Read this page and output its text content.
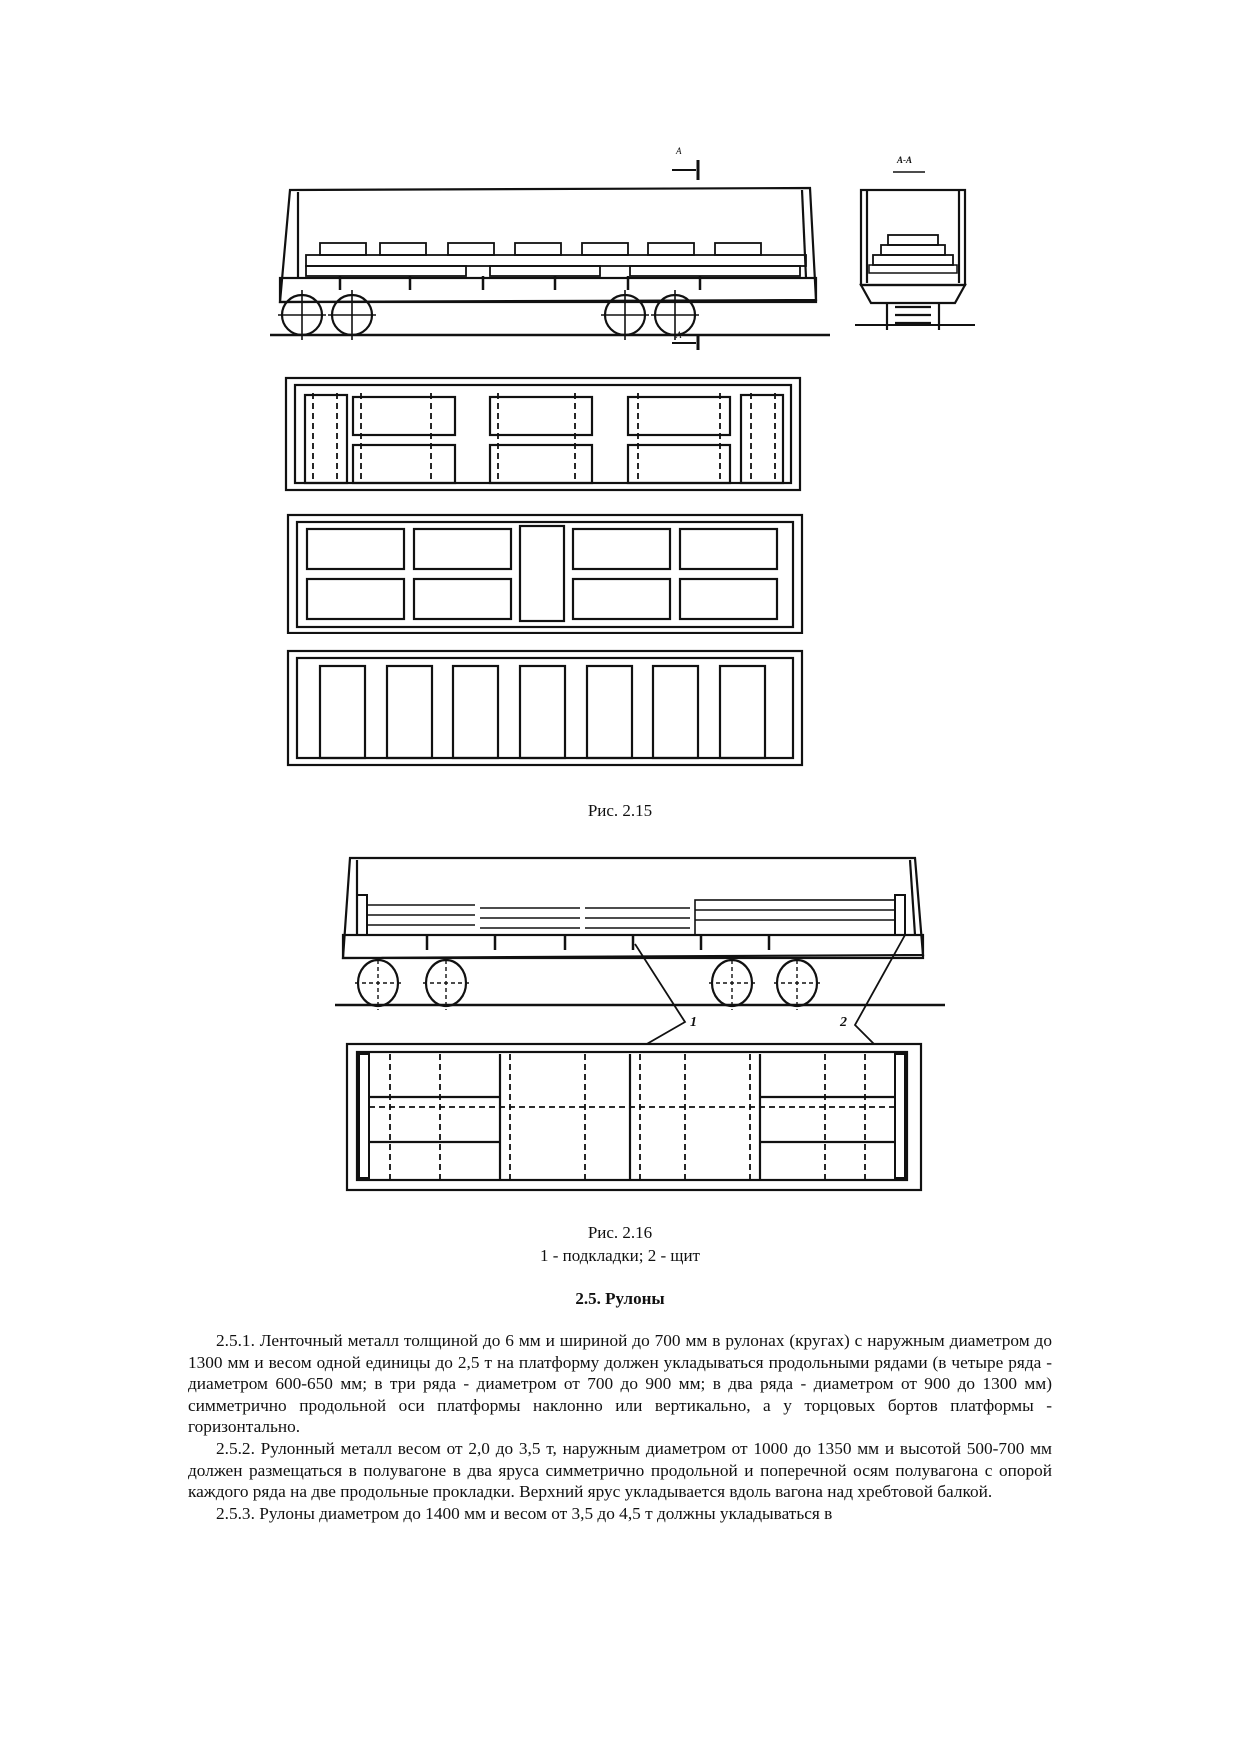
А
А
А-А
Рис. 2.15
1	2
Рис. 2.16
1 - подкладки; 2 - щит
2.5. Рулоны

2.5.1. Ленточный металл толщиной до 6 мм и шириной до 700 мм в рулонах (кругах) с наружным диаметром до 1300 мм и весом одной единицы до 2,5 т на платформу должен укладываться продольными рядами (в четыре ряда - диаметром 600-650 мм; в три ряда - диаметром от 700 до 900 мм; в два ряда - диаметром от 900 до 1300 мм) симметрично продольной оси платформы наклонно или вертикально, а у торцовых бортов платформы - горизонтально.

2.5.2. Рулонный металл весом от 2,0 до 3,5 т, наружным диаметром от 1000 до 1350 мм и высотой 500-700 мм должен размещаться в полувагоне в два яруса симметрично продольной и поперечной осям полувагона с опорой каждого ряда на две продольные прокладки. Верхний ярус укладывается вдоль вагона над хребтовой балкой.

2.5.3. Рулоны диаметром до 1400 мм и весом от 3,5 до 4,5 т должны укладываться в
